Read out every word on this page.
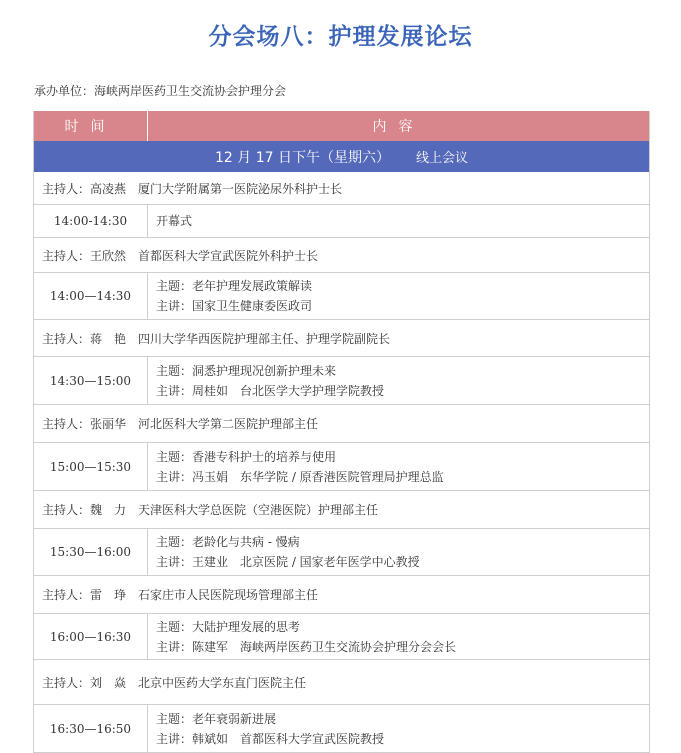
分会场八：护理发展论坛
承办单位：海峡两岸医药卫生交流协会护理分会
时间	内容
12 月 17 日下午（星期六） 线上会议
主持人：高凌燕 厦门大学附属第一医院泌尿外科护士长
14:00-14:30	开幕式
主持人：王欣然 首都医科大学宣武医院外科护士长
14:00—14:30
主题：老年护理发展政策解读
主讲：国家卫生健康委医政司
主持人：蒋　艳 四川大学华西医院护理部主任、护理学院副院长
14:30—15:00
主题：洞悉护理现况创新护理未来
主讲：周桂如　台北医学大学护理学院教授
主持人：张丽华 河北医科大学第二医院护理部主任
15:00—15:30
主题：香港专科护士的培养与使用
主讲：冯玉娟　东华学院 / 原香港医院管理局护理总监
主持人：魏　力 天津医科大学总医院（空港医院）护理部主任
15:30—16:00
主题：老龄化与共病 - 慢病
主讲：王建业　北京医院 / 国家老年医学中心教授
主持人：雷　琤 石家庄市人民医院现场管理部主任
16:00—16:30
主题：大陆护理发展的思考
主讲：陈建军　海峡两岸医药卫生交流协会护理分会会长
主持人：刘　焱 北京中医药大学东直门医院主任
16:30—16:50
主题：老年衰弱新进展
主讲：韩斌如　首都医科大学宣武医院教授
